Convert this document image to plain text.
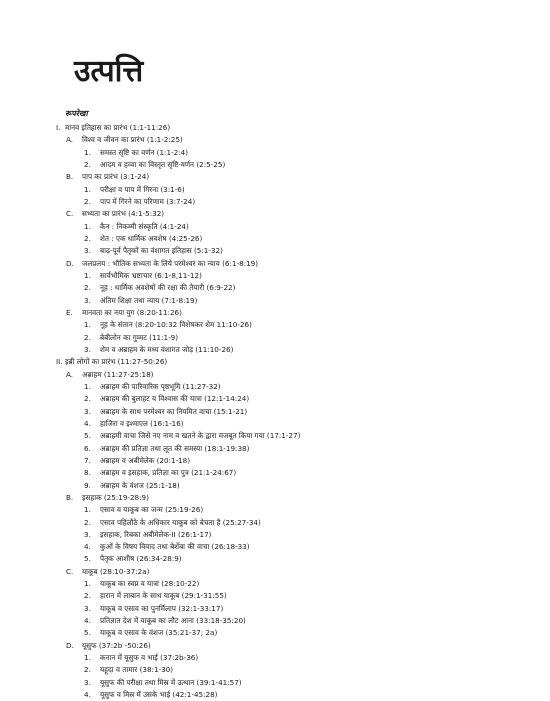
उत्पत्ति
रूपरेखा
I. मानव इतिहास का प्रारंभ (1:1-11:26)
A. विश्व व जीवन का प्रारंभ (1:1-2:25)
1. समस्त सृष्टि का वर्णन (1:1-2:4)
2. आदम व हव्वा का विस्तृत सृष्टि-वर्णन (2:5-25)
B. पाप का प्रारंभ (3:1-24)
1. परीक्षा व पाप में गिरना (3:1-6)
2. पाप में गिरने का परिणाम (3:7-24)
C. सभ्यता का प्रारंभ (4:1-5:32)
1. कैन : निकम्मी संस्कृति (4:1-24)
2. शेत : एक धार्मिक अवशेष (4:25-26)
3. बाढ़-पूर्व पैतृकों का वंशागत इतिहास (5:1-32)
D. जलप्रलय : भौतिक सभ्यता के लिये परमेश्वर का न्याय (6:1-8:19)
1. सार्वभौमिक भ्रष्टाचार (6:1-8,11-12)
2. नूह : धार्मिक अवशेषों की रक्षा की तैयारी (6:9-22)
3. अंतिम शिक्षा तथा न्याय (7:1-8:19)
E. मानवता का नया युग (8:20-11:26)
1. नूह के संतान (8:20-10:32 विशेषकर शेम 11:10-26)
2. बेबीलोन का गुम्मट (11:1-9)
3. शेम व अब्राहम के मध्य वंशागत जोड़ (11:10-26)
II. इब्री लोगों का प्रारंभ (11:27-50:26)
A. अब्राहम (11:27-25:18)
1. अब्राहम की पारिवारिक पृष्ठभूमि (11:27-32)
2. अब्राहम की बुलाहट व विश्वास की यात्रा (12:1-14:24)
3. अब्राहम के साथ परमेश्वर का नियमित वाचा (15:1-21)
4. हाजिरा व इश्माएल (16:1-16)
5. अब्राहमी वाचा जिसे नए नाम व खतने के द्वारा मजबूत किया गया (17:1-27)
6. अब्राहम की प्रतिज्ञा तथा लूत की समस्या (18:1-19:38)
7. अब्राहम व अबीमेलेक (20:1-18)
8. अब्राहम व इसहाक, प्रतिज्ञा का पुत्र (21:1-24:67)
9. अब्राहम के वंशज (25:1-18)
B. इसहाक (25:19-28:9)
1. एसाव व याकूब का जन्म (25:19-26)
2. एसाव पहिलौठे के अधिकार याकूब को बेचता है (25:27-34)
3. इसहाक, रिबका अबीमेलेक-II (26:1-17)
4. कुओं के विषय विवाद तथा बेर्शेबा की वाचा (26:18-33)
5. पैतृक आशीष (26:34-28:9)
C. याकूब (28:10-37:2a)
1. याकूब का स्वप्न व यात्रा (28:10-22)
2. हारान में लाबान के साथ याकूब (29:1-31:55)
3. याकूब व एसाव का पुनर्मिलाप (32:1-33:17)
4. प्रतिज्ञात देश में याकूब का लौट आना (33:18-35:20)
5. याकूब व एसाव के वंशज (35:21-37; 2a)
D. यूसुफ (37:2b -50:26)
1. कनान में यूसुफ व भाई (37:2b-36)
2. यहूदा व तामार (38:1-30)
3. यूसुफ की परीक्षा तथा मिस्र में उत्थान (39:1-41:57)
4. यूसुफ व मिस्र में उसके भाई (42:1-45:28)
